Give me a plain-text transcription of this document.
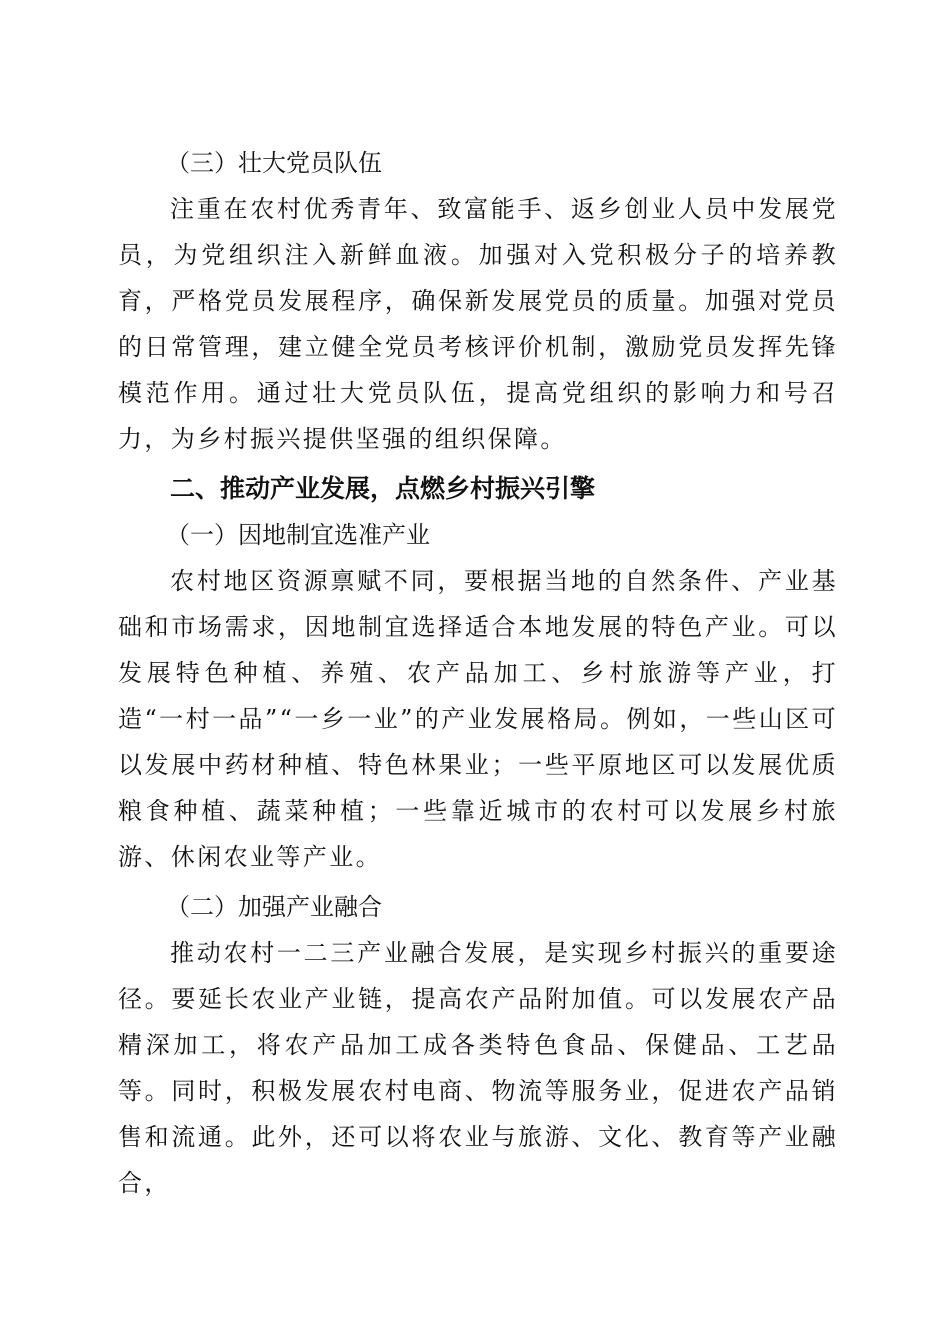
（三）壮大党员队伍

注重在农村优秀青年、致富能手、返乡创业人员中发展党员，为党组织注入新鲜血液。加强对入党积极分子的培养教育，严格党员发展程序，确保新发展党员的质量。加强对党员的日常管理，建立健全党员考核评价机制，激励党员发挥先锋模范作用。通过壮大党员队伍，提高党组织的影响力和号召力，为乡村振兴提供坚强的组织保障。

二、推动产业发展，点燃乡村振兴引擎
（一）因地制宜选准产业

农村地区资源禀赋不同，要根据当地的自然条件、产业基础和市场需求，因地制宜选择适合本地发展的特色产业。可以发展特色种植、养殖、农产品加工、乡村旅游等产业，打造“一村一品”“一乡一业”的产业发展格局。例如，一些山区可以发展中药材种植、特色林果业；一些平原地区可以发展优质粮食种植、蔬菜种植；一些靠近城市的农村可以发展乡村旅游、休闲农业等产业。

（二）加强产业融合

推动农村一二三产业融合发展，是实现乡村振兴的重要途径。要延长农业产业链，提高农产品附加值。可以发展农产品精深加工，将农产品加工成各类特色食品、保健品、工艺品等。同时，积极发展农村电商、物流等服务业，促进农产品销售和流通。此外，还可以将农业与旅游、文化、教育等产业融合，
